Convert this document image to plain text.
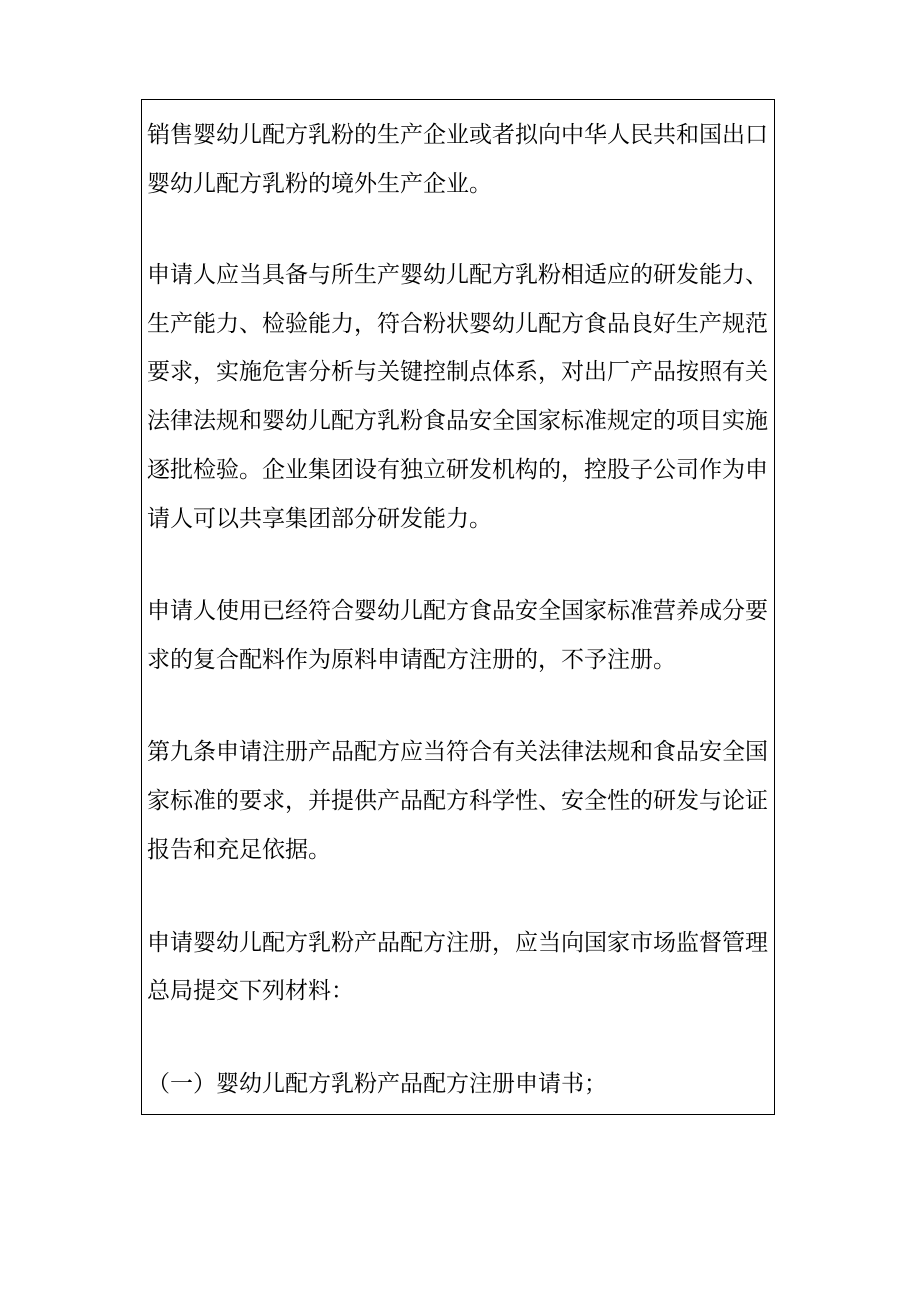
销售婴幼儿配方乳粉的生产企业或者拟向中华人民共和国出口
婴幼儿配方乳粉的境外生产企业。
申请人应当具备与所生产婴幼儿配方乳粉相适应的研发能力、
生产能力、检验能力，符合粉状婴幼儿配方食品良好生产规范
要求，实施危害分析与关键控制点体系，对出厂产品按照有关
法律法规和婴幼儿配方乳粉食品安全国家标准规定的项目实施
逐批检验。企业集团设有独立研发机构的，控股子公司作为申
请人可以共享集团部分研发能力。
申请人使用已经符合婴幼儿配方食品安全国家标准营养成分要
求的复合配料作为原料申请配方注册的，不予注册。
第九条申请注册产品配方应当符合有关法律法规和食品安全国
家标准的要求，并提供产品配方科学性、安全性的研发与论证
报告和充足依据。
申请婴幼儿配方乳粉产品配方注册，应当向国家市场监督管理
总局提交下列材料：
（一）婴幼儿配方乳粉产品配方注册申请书；
